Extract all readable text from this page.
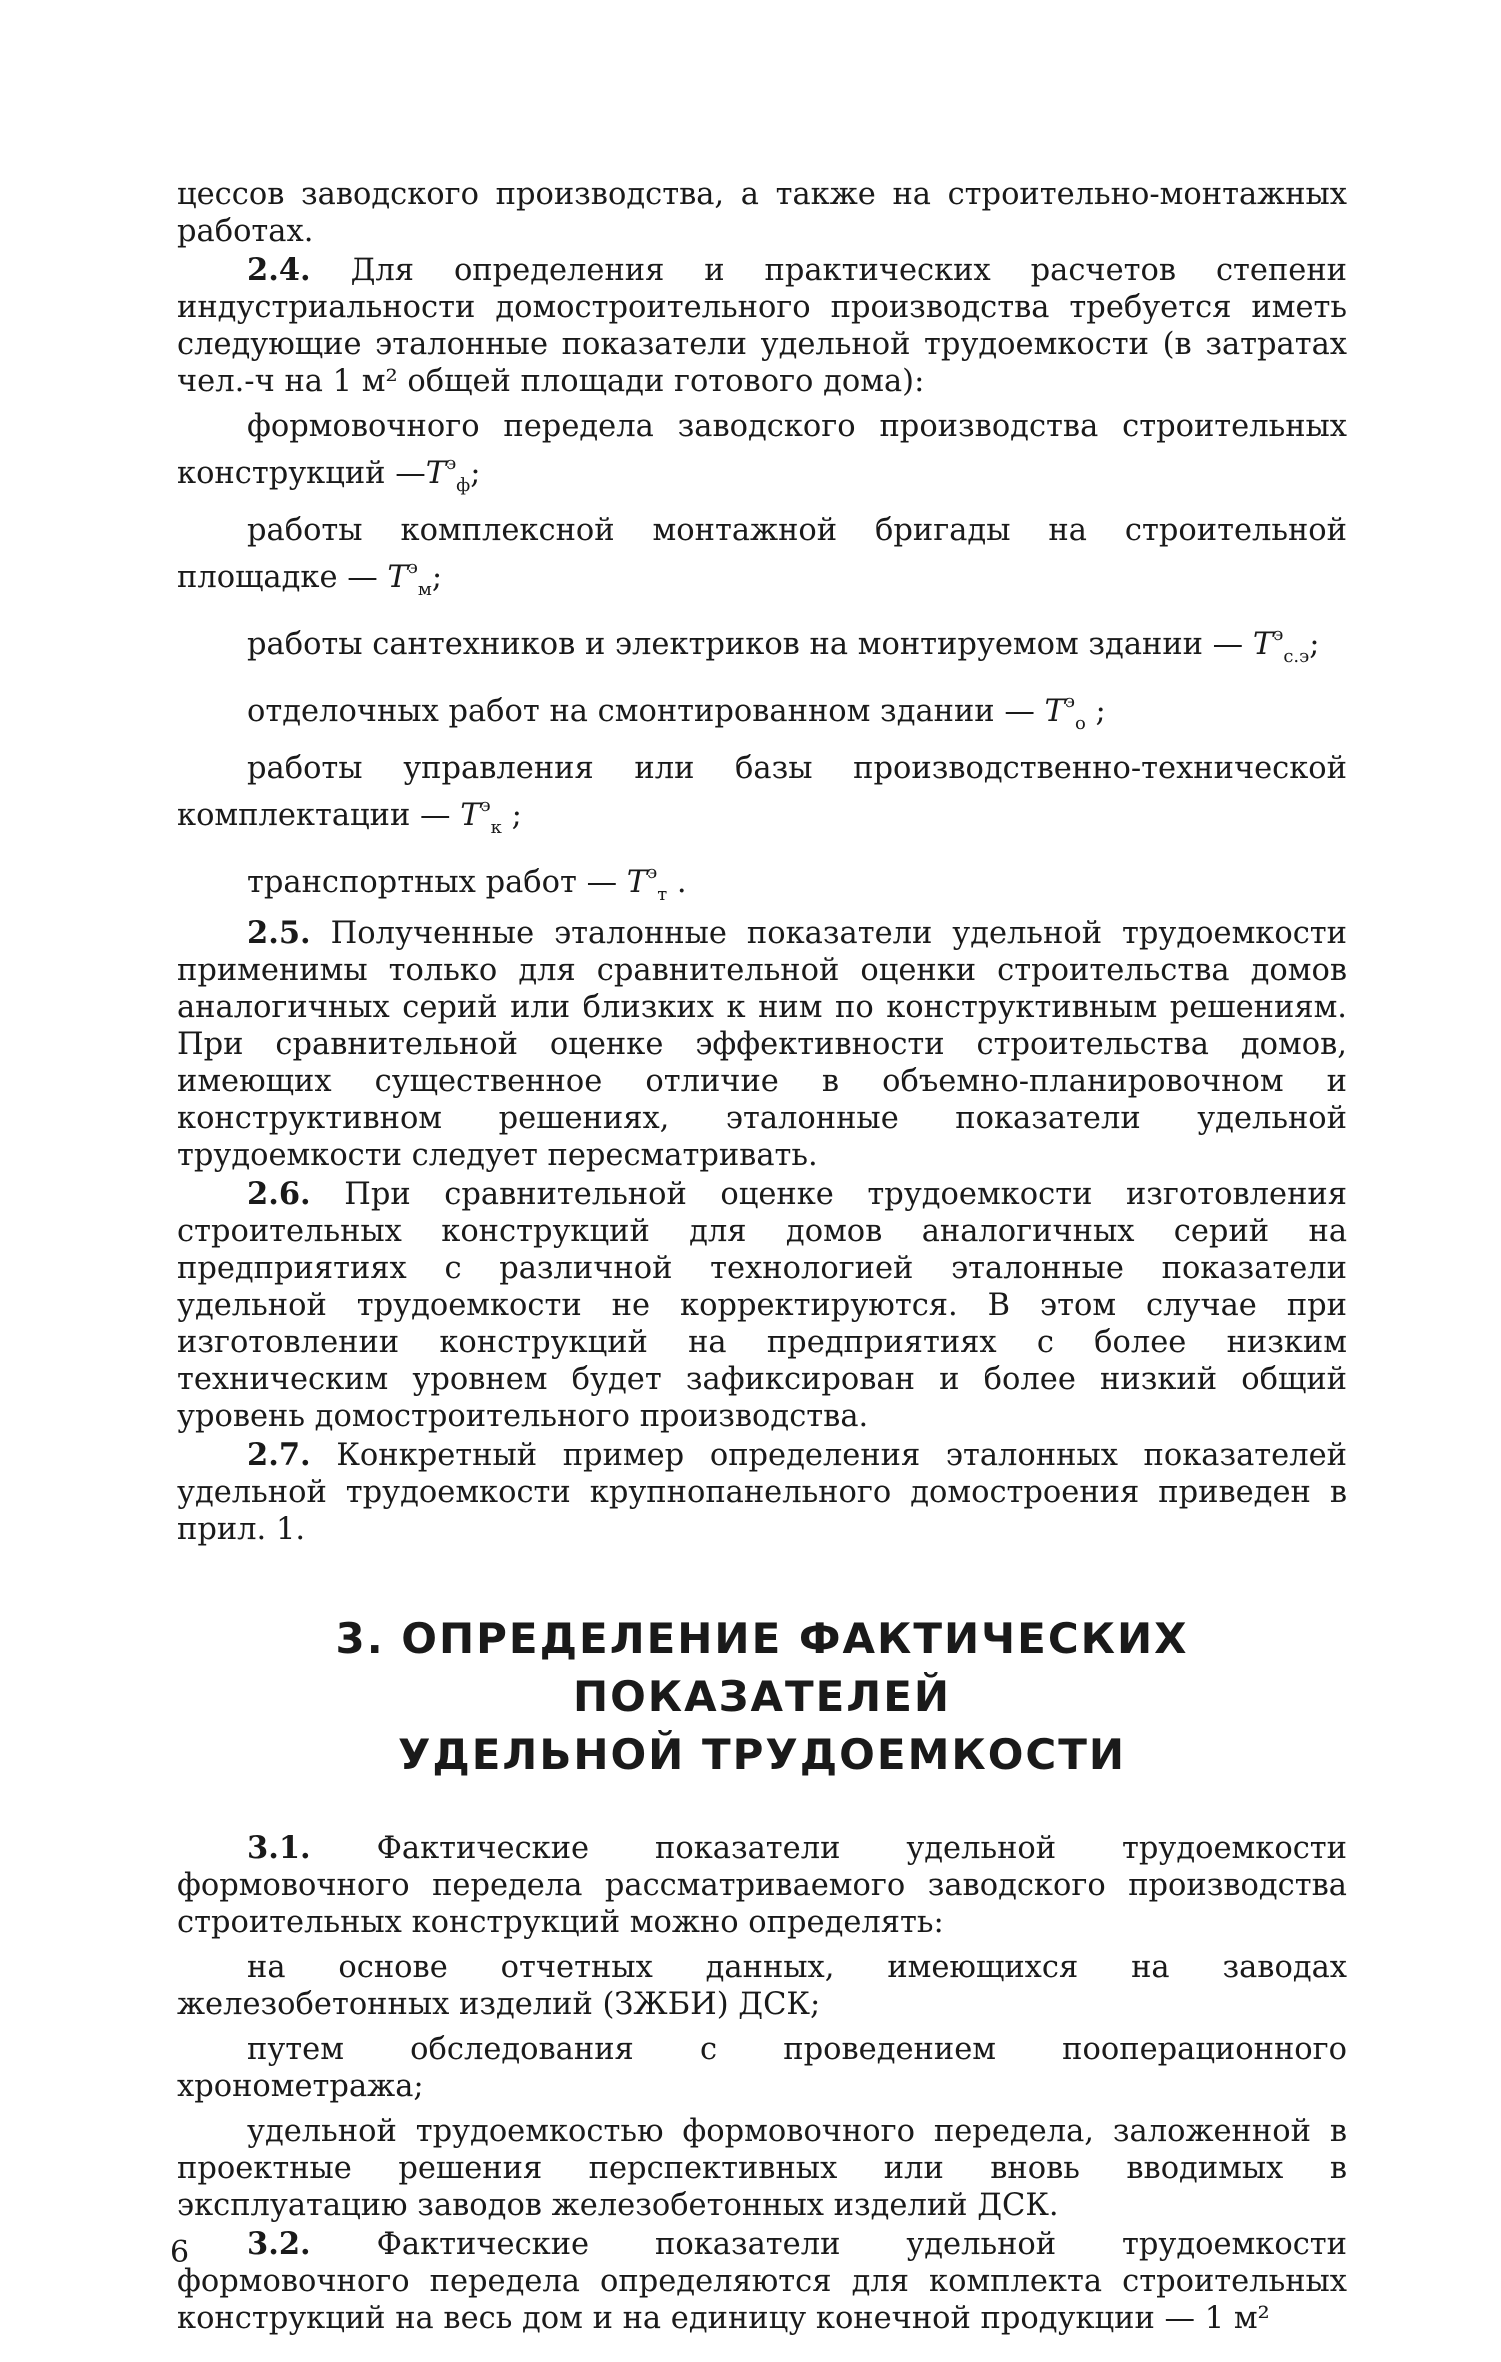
цессов заводского производства, а также на строительно-монтажных работах.

2.4. Для определения и практических расчетов степени индустриальности домостроительного производства требуется иметь следующие эталонные показатели удельной трудоемкости (в затратах чел.-ч на 1 м² общей площади готового дома):

формовочного передела заводского производства строительных конструкций $—T^э_ф$;

работы комплексной монтажной бригады на строительной площадке — $T^э_м$;

работы сантехников и электриков на монтируемом здании — $T^э_{с.э}$;

отделочных работ на смонтированном здании — $T^э_о$ ;

работы управления или базы производственно-технической комплектации — $T^э_к$ ;

транспортных работ — $T^э_т$ .

2.5. Полученные эталонные показатели удельной трудоемкости применимы только для сравнительной оценки строительства домов аналогичных серий или близких к ним по конструктивным решениям. При сравнительной оценке эффективности строительства домов, имеющих существенное отличие в объемно-планировочном и конструктивном решениях, эталонные показатели удельной трудоемкости следует пересматривать.

2.6. При сравнительной оценке трудоемкости изготовления строительных конструкций для домов аналогичных серий на предприятиях с различной технологией эталонные показатели удельной трудоемкости не корректируются. В этом случае при изготовлении конструкций на предприятиях с более низким техническим уровнем будет зафиксирован и более низкий общий уровень домостроительного производства.

2.7. Конкретный пример определения эталонных показателей удельной трудоемкости крупнопанельного домостроения приведен в прил. 1.

3. ОПРЕДЕЛЕНИЕ ФАКТИЧЕСКИХ ПОКАЗАТЕЛЕЙ
УДЕЛЬНОЙ ТРУДОЕМКОСТИ

3.1. Фактические показатели удельной трудоемкости формовочного передела рассматриваемого заводского производства строительных конструкций можно определять:

на основе отчетных данных, имеющихся на заводах железобетонных изделий (ЗЖБИ) ДСК;

путем обследования с проведением пооперационного хронометража;

удельной трудоемкостью формовочного передела, заложенной в проектные решения перспективных или вновь вводимых в эксплуатацию заводов железобетонных изделий ДСК.

3.2. Фактические показатели удельной трудоемкости формовочного передела определяются для комплекта строительных конструкций на весь дом и на единицу конечной продукции — 1 м²

6
